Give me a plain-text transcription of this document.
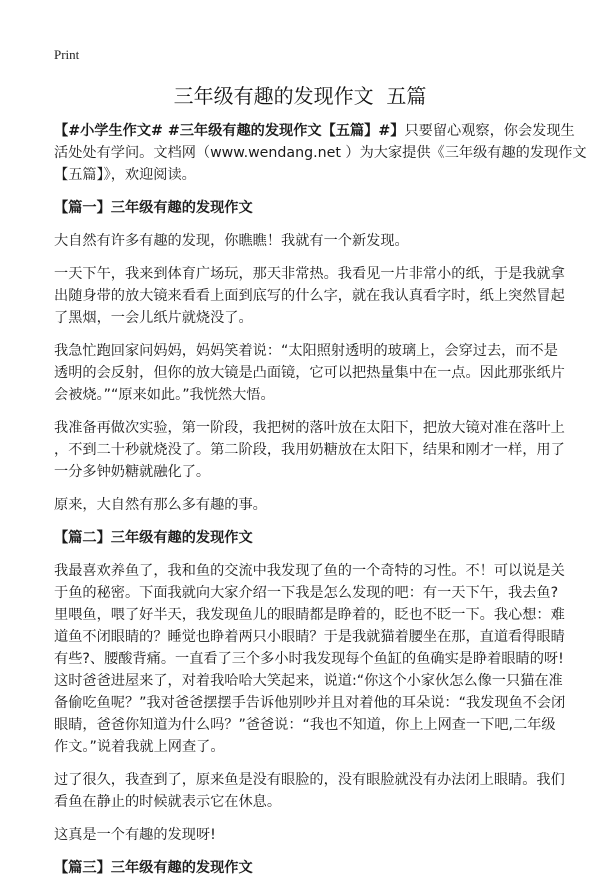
Print
三年级有趣的发现作文  五篇
【#小学生作文# #三年级有趣的发现作文【五篇】#】只要留心观察，你会发现生
活处处有学问。文档网（www.wendang.net ）为大家提供《三年级有趣的发现作文
【五篇】》，欢迎阅读。
【篇一】三年级有趣的发现作文
大自然有许多有趣的发现，你瞧瞧！我就有一个新发现。
一天下午，我来到体育广场玩，那天非常热。我看见一片非常小的纸，于是我就拿
出随身带的放大镜来看看上面到底写的什么字，就在我认真看字时，纸上突然冒起
了黑烟，一会儿纸片就烧没了。
我急忙跑回家问妈妈，妈妈笑着说：“太阳照射透明的玻璃上，会穿过去，而不是
透明的会反射，但你的放大镜是凸面镜，它可以把热量集中在一点。因此那张纸片
会被烧。”“原来如此。”我恍然大悟。
我准备再做次实验，第一阶段，我把树的落叶放在太阳下，把放大镜对准在落叶上
，不到二十秒就烧没了。第二阶段，我用奶糖放在太阳下，结果和刚才一样，用了
一分多钟奶糖就融化了。
原来，大自然有那么多有趣的事。
【篇二】三年级有趣的发现作文
我最喜欢养鱼了，我和鱼的交流中我发现了鱼的一个奇特的习性。不！可以说是关
于鱼的秘密。下面我就向大家介绍一下我是怎么发现的吧：有一天下午，我去鱼?
里喂鱼，喂了好半天，我发现鱼儿的眼睛都是睁着的，眨也不眨一下。我心想：难
道鱼不闭眼睛的？睡觉也睁着两只小眼睛？于是我就猫着腰坐在那，直道看得眼睛
有些?、腰酸背痛。一直看了三个多小时我发现每个鱼缸的鱼确实是睁着眼睛的呀!
这时爸爸进屋来了，对着我哈哈大笑起来，说道:“你这个小家伙怎么像一只猫在准
备偷吃鱼呢？”我对爸爸摆摆手告诉他别吵并且对着他的耳朵说：“我发现鱼不会闭
眼睛，爸爸你知道为什么吗？”爸爸说：“我也不知道，你上上网查一下吧,二年级
作文。”说着我就上网查了。
过了很久，我查到了，原来鱼是没有眼脸的，没有眼脸就没有办法闭上眼睛。我们
看鱼在静止的时候就表示它在休息。
这真是一个有趣的发现呀!
【篇三】三年级有趣的发现作文
